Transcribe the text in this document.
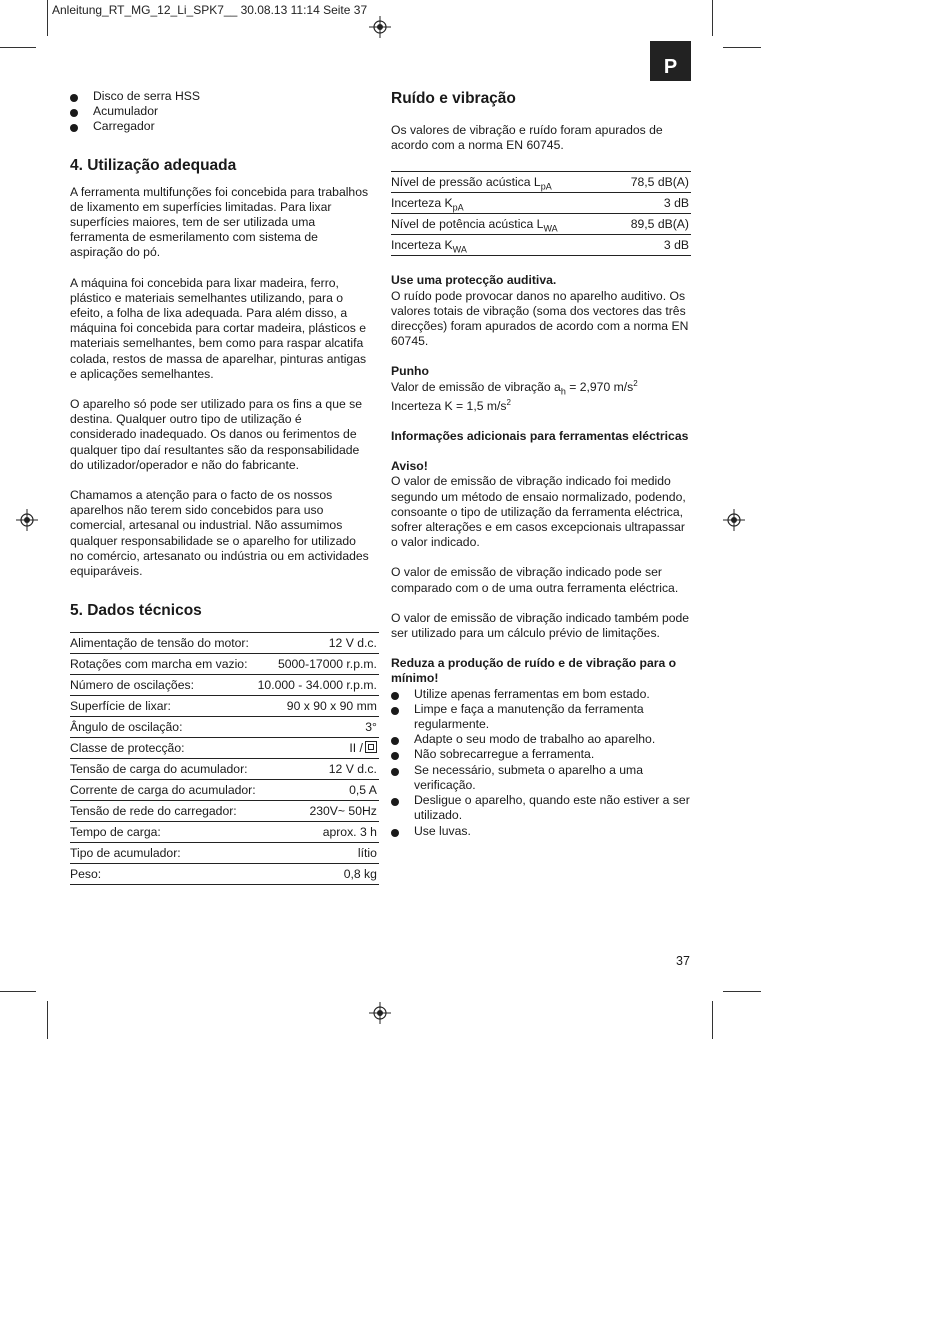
Anleitung_RT_MG_12_Li_SPK7__ 30.08.13 11:14 Seite 37
P
Disco de serra HSS
Acumulador
Carregador
4. Utilização adequada

A ferramenta multifunções foi concebida para trabalhos de lixamento em superfícies limitadas. Para lixar superfícies maiores, tem de ser utilizada uma ferramenta de esmerilamento com sistema de aspiração do pó.

A máquina foi concebida para lixar madeira, ferro, plástico e materiais semelhantes utilizando, para o efeito, a folha de lixa adequada. Para além disso, a máquina foi concebida para cortar madeira, plásticos e materiais semelhantes, bem como para raspar alcatifa colada, restos de massa de aparelhar, pinturas antigas e aplicações semelhantes.

O aparelho só pode ser utilizado para os fins a que se destina. Qualquer outro tipo de utilização é considerado inadequado. Os danos ou ferimentos de qualquer tipo daí resultantes são da responsabilidade do utilizador/operador e não do fabricante.

Chamamos a atenção para o facto de os nossos aparelhos não terem sido concebidos para uso comercial, artesanal ou industrial. Não assumimos qualquer responsabilidade se o aparelho for utilizado no comércio, artesanato ou indústria ou em actividades equiparáveis.

5. Dados técnicos
Alimentação de tensão do motor:	12 V d.c.
Rotações com marcha em vazio:	5000-17000 r.p.m.
Número de oscilações:	10.000 - 34.000 r.p.m.
Superfície de lixar:	90 x 90 x 90 mm
Ângulo de oscilação:	3°
Classe de protecção:	II /
Tensão de carga do acumulador:	12 V d.c.
Corrente de carga do acumulador:	0,5 A
Tensão de rede do carregador:	230V~ 50Hz
Tempo de carga:	aprox. 3 h
Tipo de acumulador:	lítio
Peso:	0,8 kg
Ruído e vibração

Os valores de vibração e ruído foram apurados de acordo com a norma EN 60745.

Nível de pressão acústica $L_{pA}$	78,5 dB(A)
Incerteza $K_{pA}$	3 dB
Nível de potência acústica $L_{WA}$	89,5 dB(A)
Incerteza $K_{WA}$	3 dB

Use uma protecção auditiva.

O ruído pode provocar danos no aparelho auditivo. Os valores totais de vibração (soma dos vectores das três direcções) foram apurados de acordo com a norma EN 60745.

Punho

Valor de emissão de vibração $a_h = 2,970$ $m/s^2$

Incerteza K = 1,5 $m/s^2$

Informações adicionais para ferramentas eléctricas

Aviso!

O valor de emissão de vibração indicado foi medido segundo um método de ensaio normalizado, podendo, consoante o tipo de utilização da ferramenta eléctrica, sofrer alterações e em casos excepcionais ultrapassar o valor indicado.

O valor de emissão de vibração indicado pode ser comparado com o de uma outra ferramenta eléctrica.

O valor de emissão de vibração indicado também pode ser utilizado para um cálculo prévio de limitações.

Reduza a produção de ruído e de vibração para o mínimo!

Utilize apenas ferramentas em bom estado.
Limpe e faça a manutenção da ferramenta regularmente.
Adapte o seu modo de trabalho ao aparelho.
Não sobrecarregue a ferramenta.
Se necessário, submeta o aparelho a uma verificação.
Desligue o aparelho, quando este não estiver a ser utilizado.
Use luvas.
37
